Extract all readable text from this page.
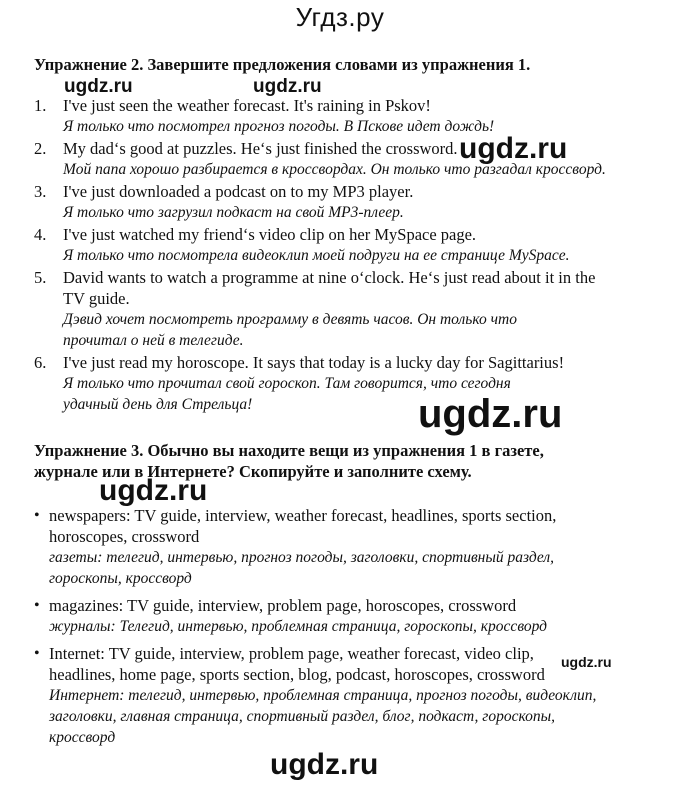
Угдз.ру
Упражнение 2. Завершите предложения словами из упражнения 1.
1. I've just seen the weather forecast. It's raining in Pskov!
Я только что посмотрел прогноз погоды. В Пскове идет дождь!
2. My dad‘s good at puzzles. He‘s just finished the crossword.
Мой папа хорошо разбирается в кроссвордах. Он только что разгадал кроссворд.
3. I've just downloaded a podcast on to my MP3 player.
Я только что загрузил подкаст на свой МР3-плеер.
4. I've just watched my friend‘s video clip on her MySpace page.
Я только что посмотрела видеоклип моей подруги на ее странице MySpace.
5. David wants to watch a programme at nine o‘clock. He‘s just read about it in the TV guide.
Дэвид хочет посмотреть программу в девять часов. Он только что прочитал о ней в телегиде.
6. I've just read my horoscope. It says that today is a lucky day for Sagittarius!
Я только что прочитал свой гороскоп. Там говорится, что сегодня удачный день для Стрельца!
Упражнение 3. Обычно вы находите вещи из упражнения 1 в газете,
журнале или в Интернете? Скопируйте и заполните схему.
• newspapers: TV guide, interview, weather forecast, headlines, sports section, horoscopes, crossword
газеты: телегид, интервью, прогноз погоды, заголовки, спортивный раздел, гороскопы, кроссворд
• magazines: TV guide, interview, problem page, horoscopes, crossword
журналы: Телегид, интервью, проблемная страница, гороскопы, кроссворд
• Internet: TV guide, interview, problem page, weather forecast, video clip, headlines, home page, sports section, blog, podcast, horoscopes, crossword
Интернет: телегид, интервью, проблемная страница, прогноз погоды, видеоклип, заголовки, главная страница, спортивный раздел, блог, подкаст, гороскопы, кроссворд
ugdz.ru	ugdz.ru
ugdz.ru
ugdz.ru
ugdz.ru
ugdz.ru
ugdz.ru
